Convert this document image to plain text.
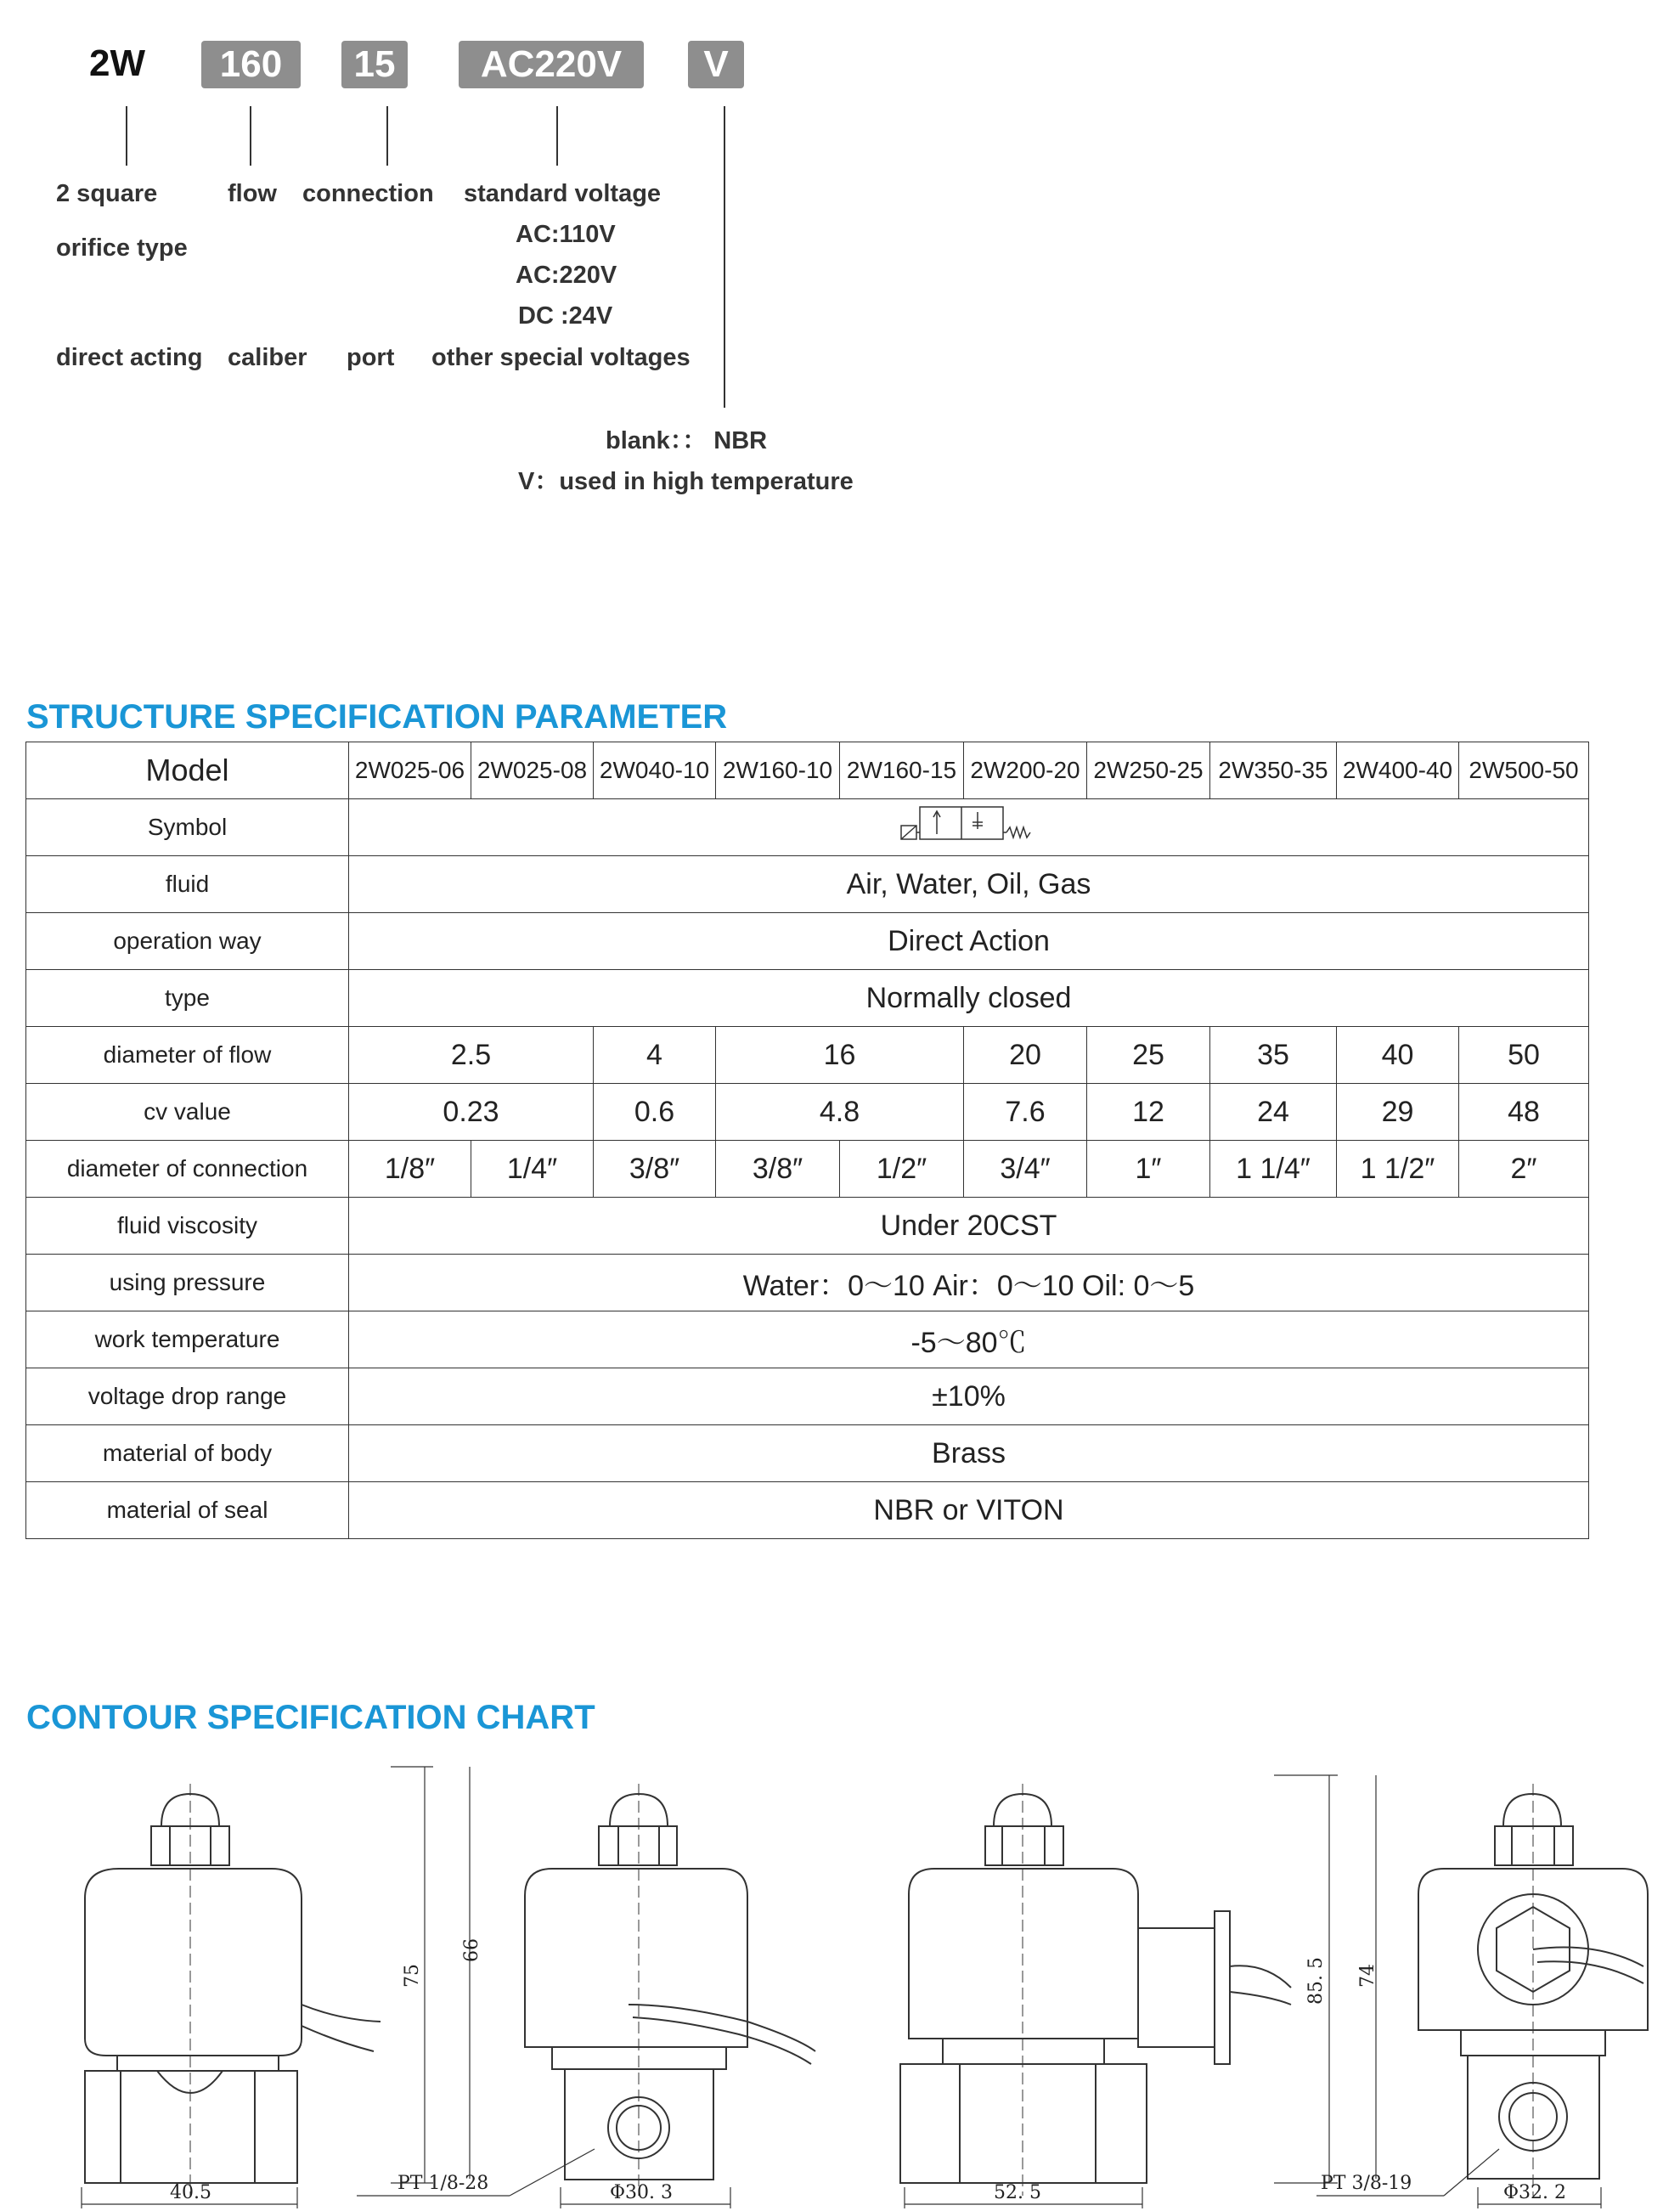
2W	160	15	AC220V	V
2 square
orifice type
direct acting
flow
caliber
connection
port
standard voltage
AC:110V
AC:220V
DC :24V
other special voltages
blank：： NBR
V：used in high temperature
STRUCTURE SPECIFICATION PARAMETER
Model	2W025-06	2W025-08	2W040-10	2W160-10	2W160-15	2W200-20	2W250-25	2W350-35	2W400-40	2W500-50
Symbol	
fluid	Air, Water, Oil, Gas									
operation way	Direct Action									
type	Normally closed									
diameter of flow	2.5		4	16		20	25	35	40	50
cv value	0.23		0.6	4.8		7.6	12	24	29	48
diameter of connection	1/8″	1/4″	3/8″	3/8″	1/2″	3/4″	1″	1 1/4″	1 1/2″	2″
fluid viscosity	Under 20CST									
using pressure	Water：0〜10 Air：0〜10 Oil: 0〜5									
work temperature	-5〜80℃									
voltage drop range	±10%									
material of body	Brass									
material of seal	NBR or VITON									
CONTOUR SPECIFICATION CHART
75
66
40.5	PT 1/8-28	Φ30. 3
85. 5 74
52. 5	PT 3/8-19	Φ32. 2
